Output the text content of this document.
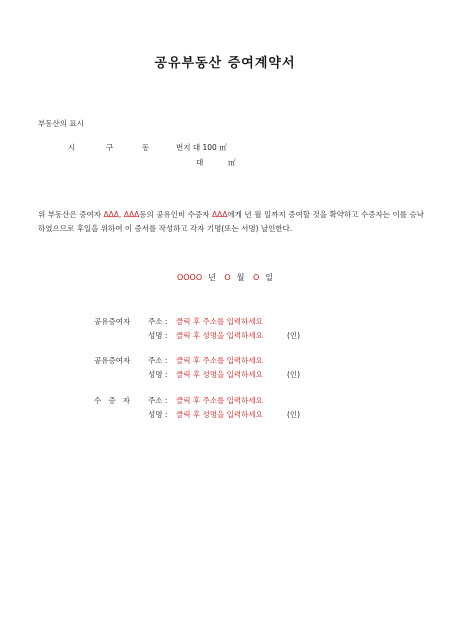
공유부동산 증여계약서
부동산의 표시
시	구	동	번지 대 100 ㎡
대	㎡
위 부동산은 증여자 ΔΔΔ, ΔΔΔ등의 공유인비 수증자 ΔΔΔ에게 년 월 일까지 증여할 것을 확약하고 수증자는 이를 승낙하였으므로 후일을 위하여 이 증서를 작성하고 각자 기명(또는 서명) 날인한다.
ОООО 년 О 월 О 일
공유증여자 주소 : 클릭 후 주소를 입력하세요
성명 : 클릭 후 성명을 입력하세요	(인)
공유증여자 주소 : 클릭 후 주소를 입력하세요
성명 : 클릭 후 성명을 입력하세요	(인)
수   증   자 주소 : 클릭 후 주소를 입력하세요
성명 : 클릭 후 성명을 입력하세요	(인)
